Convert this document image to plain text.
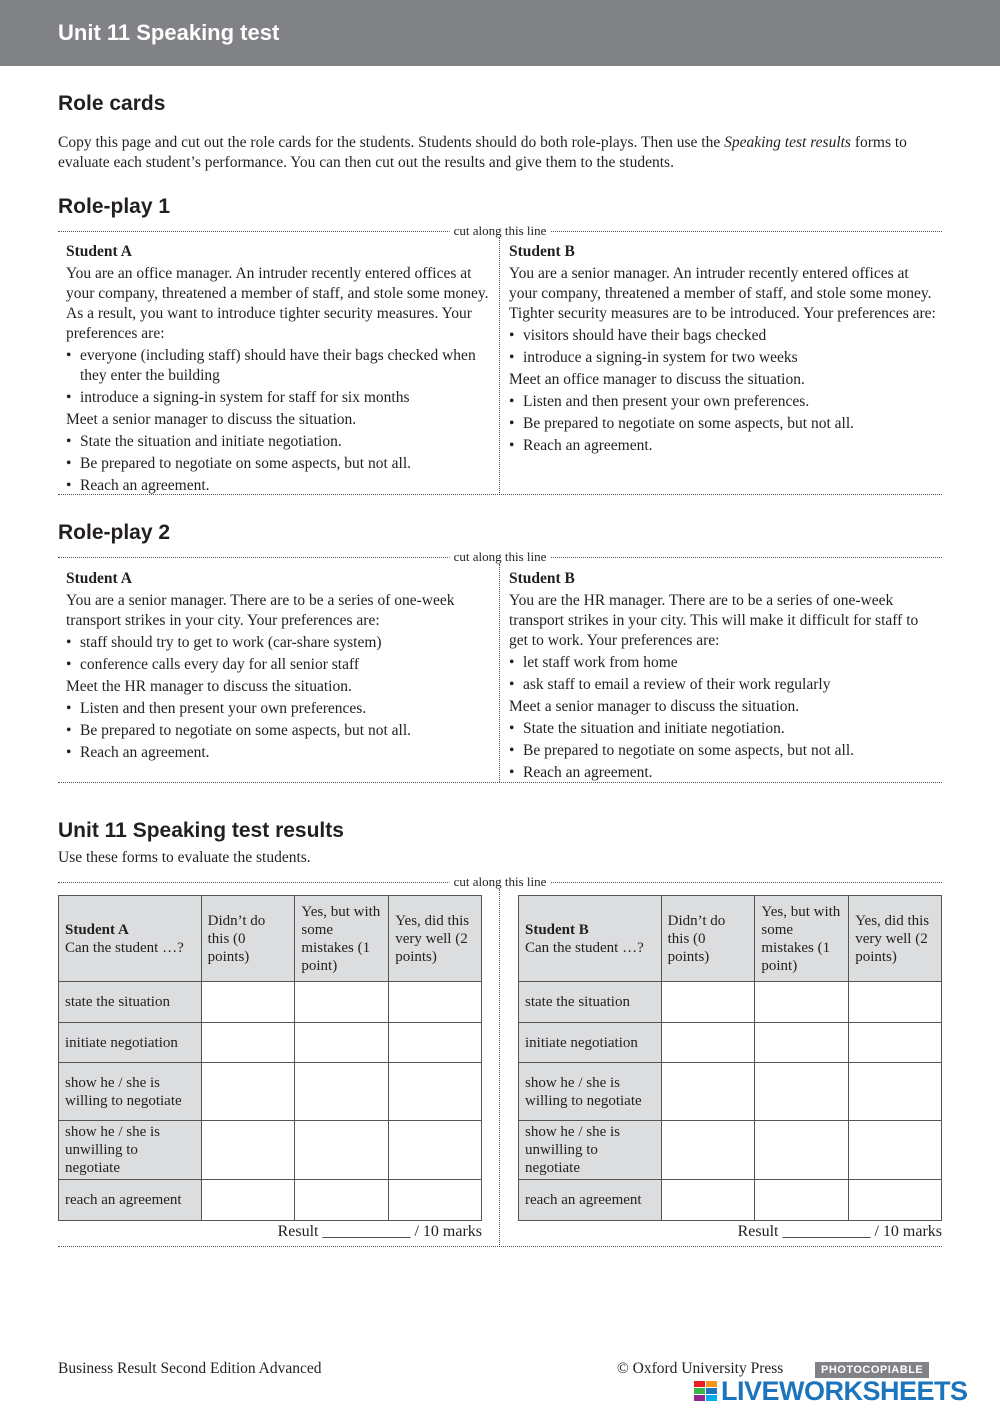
Unit 11 Speaking test
Role cards
Copy this page and cut out the role cards for the students. Students should do both role-plays. Then use the Speaking test results forms to evaluate each student’s performance. You can then cut out the results and give them to the students.
Role-play 1
cut along this line
Student A

You are an office manager. An intruder recently entered offices at your company, threatened a member of staff, and stole some money. As a result, you want to introduce tighter security measures. Your preferences are:

• everyone (including staff) should have their bags checked when they enter the building
• introduce a signing-in system for staff for six months

Meet a senior manager to discuss the situation.

• State the situation and initiate negotiation.
• Be prepared to negotiate on some aspects, but not all.
• Reach an agreement.
Student B

You are a senior manager. An intruder recently entered offices at your company, threatened a member of staff, and stole some money. Tighter security measures are to be introduced. Your preferences are:

• visitors should have their bags checked
• introduce a signing-in system for two weeks

Meet an office manager to discuss the situation.

• Listen and then present your own preferences.
• Be prepared to negotiate on some aspects, but not all.
• Reach an agreement.
Role-play 2
cut along this line
Student A

You are a senior manager. There are to be a series of one-week transport strikes in your city. Your preferences are:

• staff should try to get to work (car-share system)
• conference calls every day for all senior staff

Meet the HR manager to discuss the situation.

• Listen and then present your own preferences.
• Be prepared to negotiate on some aspects, but not all.
• Reach an agreement.
Student B

You are the HR manager. There are to be a series of one-week transport strikes in your city. This will make it difficult for staff to get to work. Your preferences are:

• let staff work from home
• ask staff to email a review of their work regularly

Meet a senior manager to discuss the situation.

• State the situation and initiate negotiation.
• Be prepared to negotiate on some aspects, but not all.
• Reach an agreement.
Unit 11 Speaking test results
Use these forms to evaluate the students.
cut along this line
Student A
Can the student …?	Didn’t do this (0 points)	Yes, but with some mistakes (1 point)	Yes, did this very well (2 points)
state the situation			
initiate negotiation			
show he / she is willing to negotiate			
show he / she is unwilling to negotiate			
reach an agreement			
Result ___________ / 10 marks
Student B
Can the student …?	Didn’t do this (0 points)	Yes, but with some mistakes (1 point)	Yes, did this very well (2 points)
state the situation			
initiate negotiation			
show he / she is willing to negotiate			
show he / she is unwilling to negotiate			
reach an agreement			
Result ___________ / 10 marks
Business Result Second Edition Advanced	© Oxford University Press	PHOTOCOPIABLE
LIVEWORKSHEETS
